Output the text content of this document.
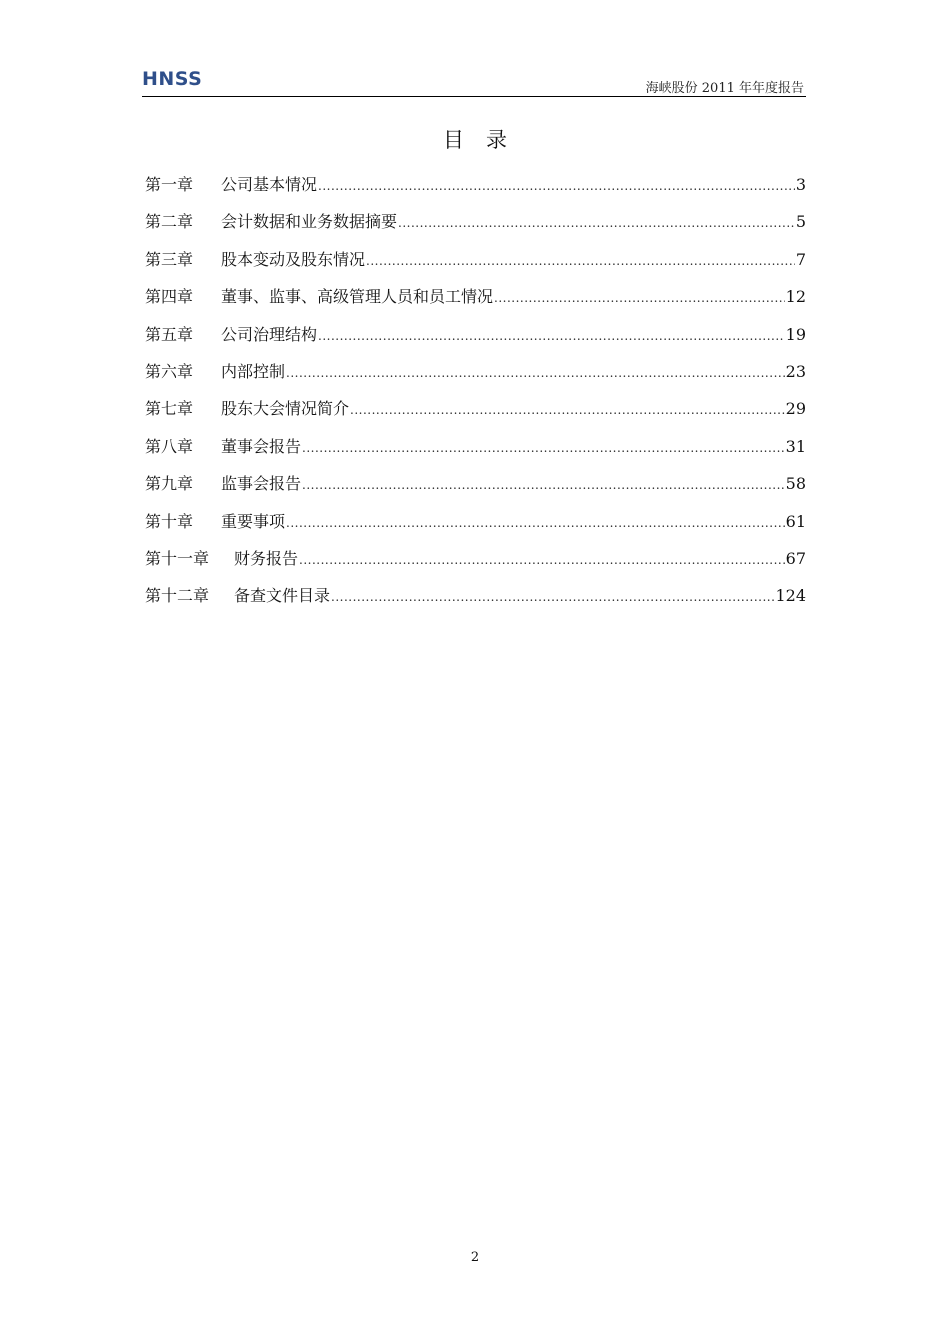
HNSS	海峡股份 2011 年年度报告
目录
第一章 公司基本情况 .....	3
第二章 会计数据和业务数据摘要 .....	5
第三章 股本变动及股东情况 .....	7
第四章 董事、监事、高级管理人员和员工情况 .....	12
第五章 公司治理结构 .....	19
第六章 内部控制 .....	23
第七章 股东大会情况简介 .....	29
第八章 董事会报告 .....	31
第九章 监事会报告 .....	58
第十章 重要事项 .....	61
第十一章 财务报告 .....	67
第十二章 备查文件目录 .....	124
2
